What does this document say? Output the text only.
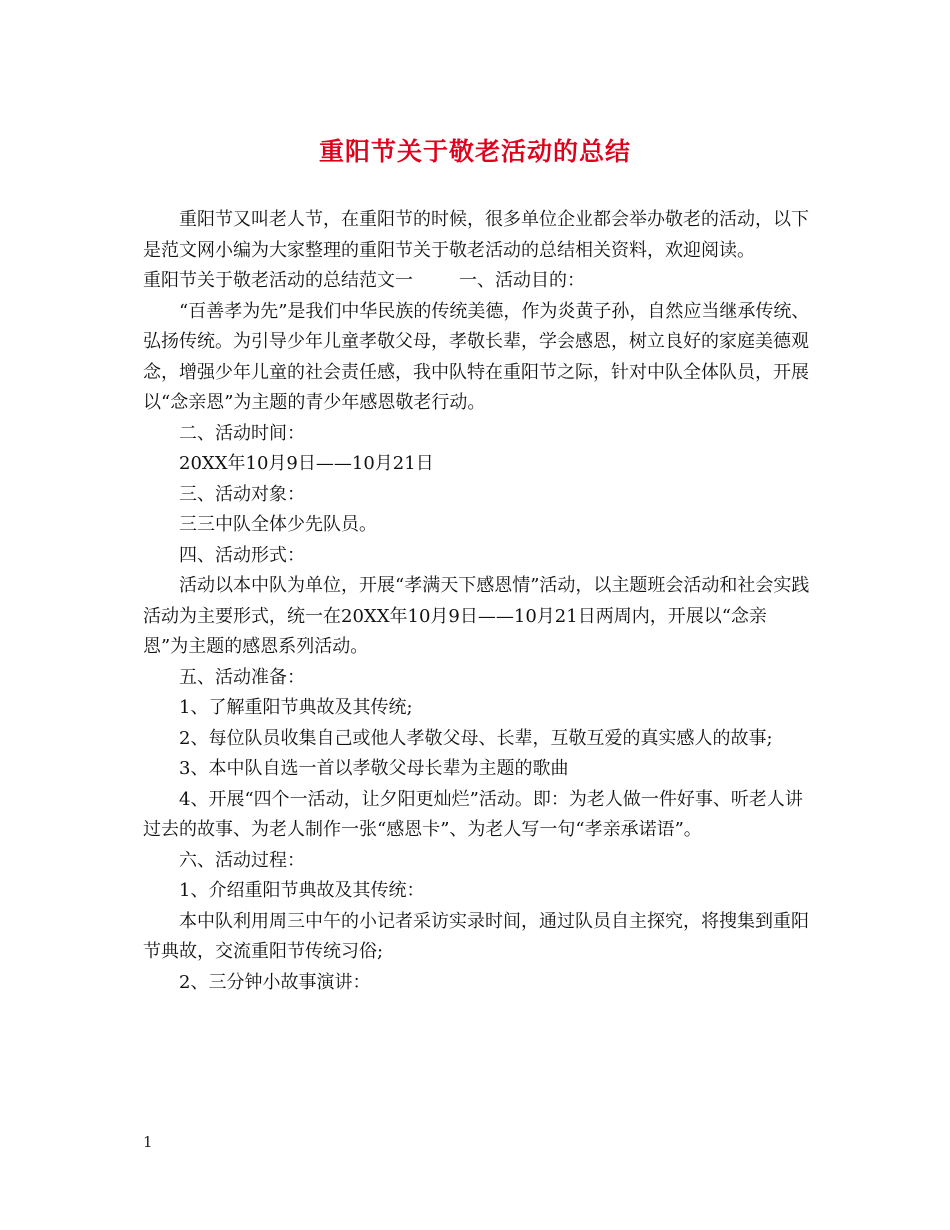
重阳节关于敬老活动的总结

重阳节又叫老人节，在重阳节的时候，很多单位企业都会举办敬老的活动，以下是范文网小编为大家整理的重阳节关于敬老活动的总结相关资料，欢迎阅读。

重阳节关于敬老活动的总结范文一	一、活动目的：

“百善孝为先”是我们中华民族的传统美德，作为炎黄子孙，自然应当继承传统、弘扬传统。为引导少年儿童孝敬父母，孝敬长辈，学会感恩，树立良好的家庭美德观念，增强少年儿童的社会责任感，我中队特在重阳节之际，针对中队全体队员，开展以“念亲恩”为主题的青少年感恩敬老行动。

二、活动时间：

20XX年10月9日——10月21日

三、活动对象：

三三中队全体少先队员。

四、活动形式：

活动以本中队为单位，开展“孝满天下感恩情”活动，以主题班会活动和社会实践活动为主要形式，统一在20XX年10月9日——10月21日两周内，开展以“念亲恩”为主题的感恩系列活动。

五、活动准备：

1、了解重阳节典故及其传统;

2、每位队员收集自己或他人孝敬父母、长辈，互敬互爱的真实感人的故事;

3、本中队自选一首以孝敬父母长辈为主题的歌曲

4、开展“四个一活动，让夕阳更灿烂”活动。即：为老人做一件好事、听老人讲过去的故事、为老人制作一张“感恩卡”、为老人写一句“孝亲承诺语”。

六、活动过程：

1、介绍重阳节典故及其传统：

本中队利用周三中午的小记者采访实录时间，通过队员自主探究，将搜集到重阳节典故，交流重阳节传统习俗;

2、三分钟小故事演讲：

1
